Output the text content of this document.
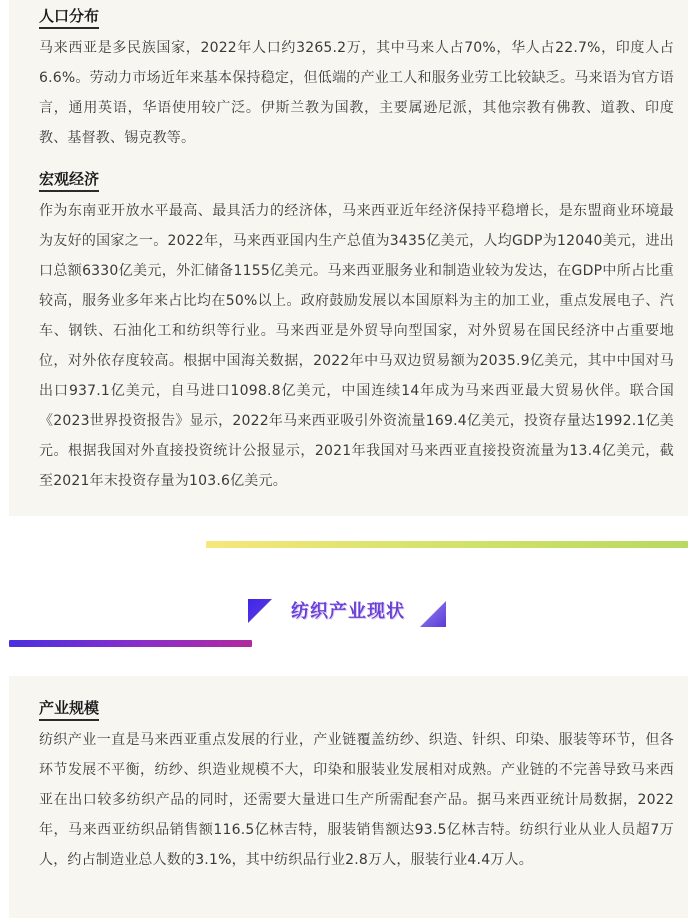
人口分布

马来西亚是多民族国家，2022年人口约3265.2万，其中马来人占70%，华人占22.7%，印度人占6.6%。劳动力市场近年来基本保持稳定，但低端的产业工人和服务业劳工比较缺乏。马来语为官方语言，通用英语，华语使用较广泛。伊斯兰教为国教，主要属逊尼派，其他宗教有佛教、道教、印度教、基督教、锡克教等。

宏观经济

作为东南亚开放水平最高、最具活力的经济体，马来西亚近年经济保持平稳增长，是东盟商业环境最为友好的国家之一。2022年，马来西亚国内生产总值为3435亿美元，人均GDP为12040美元，进出口总额6330亿美元，外汇储备1155亿美元。马来西亚服务业和制造业较为发达，在GDP中所占比重较高，服务业多年来占比均在50%以上。政府鼓励发展以本国原料为主的加工业，重点发展电子、汽车、钢铁、石油化工和纺织等行业。马来西亚是外贸导向型国家，对外贸易在国民经济中占重要地位，对外依存度较高。根据中国海关数据，2022年中马双边贸易额为2035.9亿美元，其中中国对马出口937.1亿美元，自马进口1098.8亿美元，中国连续14年成为马来西亚最大贸易伙伴。联合国《2023世界投资报告》显示，2022年马来西亚吸引外资流量169.4亿美元，投资存量达1992.1亿美元。根据我国对外直接投资统计公报显示，2021年我国对马来西亚直接投资流量为13.4亿美元，截至2021年末投资存量为103.6亿美元。

纺织产业现状
产业规模

纺织产业一直是马来西亚重点发展的行业，产业链覆盖纺纱、织造、针织、印染、服装等环节，但各环节发展不平衡，纺纱、织造业规模不大，印染和服装业发展相对成熟。产业链的不完善导致马来西亚在出口较多纺织产品的同时，还需要大量进口生产所需配套产品。据马来西亚统计局数据，2022年，马来西亚纺织品销售额116.5亿林吉特，服装销售额达93.5亿林吉特。纺织行业从业人员超7万人，约占制造业总人数的3.1%，其中纺织品行业2.8万人，服装行业4.4万人。
